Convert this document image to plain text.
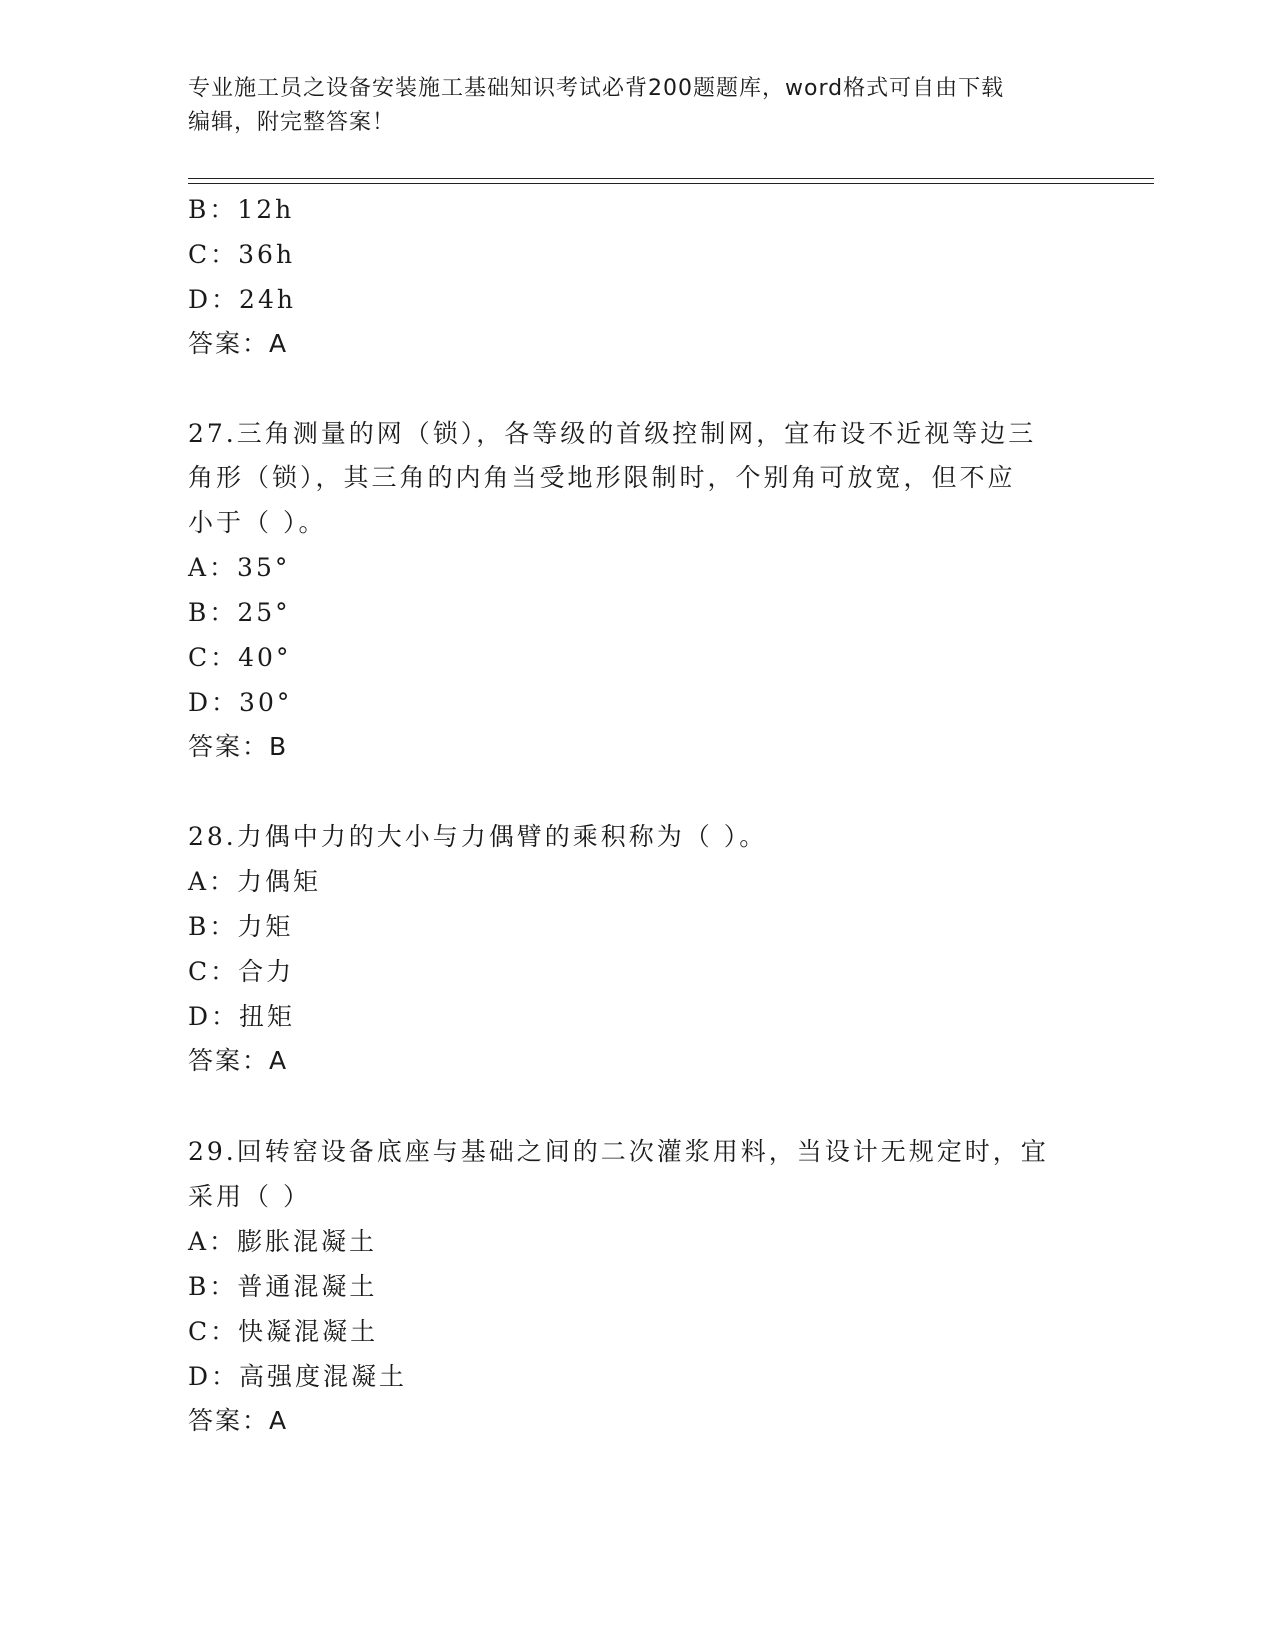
专业施工员之设备安装施工基础知识考试必背200题题库，word格式可自由下载
编辑，附完整答案！
B：12h
C：36h
D：24h
答案：A
27.三角测量的网（锁），各等级的首级控制网，宜布设不近视等边三
角形（锁），其三角的内角当受地形限制时，个别角可放宽，但不应
小于（ ）。
A：35°
B：25°
C：40°
D：30°
答案：B
28.力偶中力的大小与力偶臂的乘积称为（ ）。
A：力偶矩
B：力矩
C：合力
D：扭矩
答案：A
29.回转窑设备底座与基础之间的二次灌浆用料，当设计无规定时，宜
采用（ ）
A：膨胀混凝土
B：普通混凝土
C：快凝混凝土
D：高强度混凝土
答案：A
